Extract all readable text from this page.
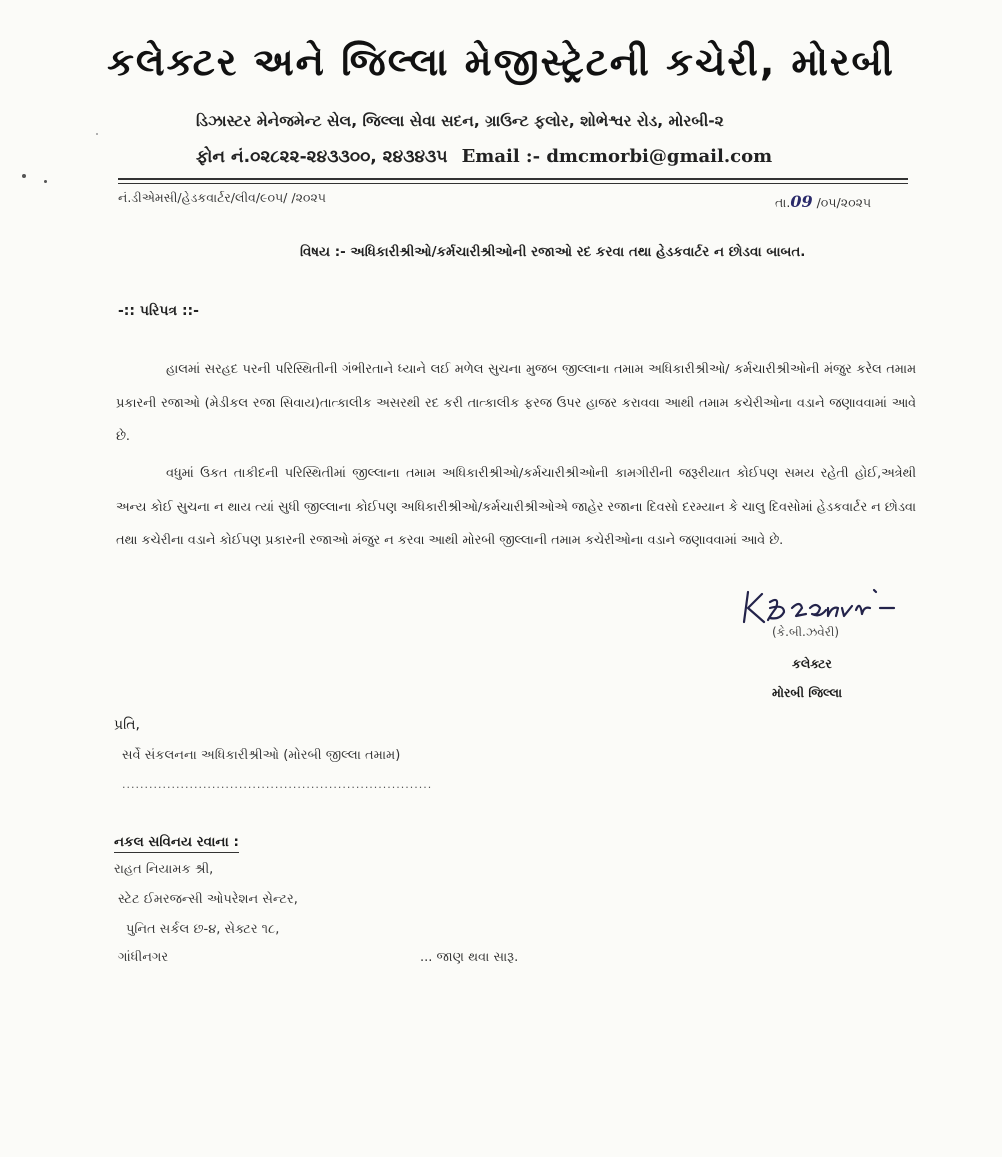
કલેક્ટર અને જિલ્લા મેજીસ્ટ્રેટની કચેરી, મોરબી
ડિઝાસ્ટર મેનેજમેન્ટ સેલ, જિલ્લા સેવા સદન, ગ્રાઉન્ટ ફલોર, શોભેશ્વર રોડ, મોરબી-૨
ફોન નં.૦૨૮૨૨-૨૪૩૩૦૦, ૨૪૩૪૩૫ Email :- dmcmorbi@gmail.com
નં.ડીએમસી/હેડકવાર્ટર/લીવ/૯૦૫/ /૨૦૨૫	તા.09 /૦૫/૨૦૨૫
વિષય :- અધિકારીશ્રીઓ/કર્મચારીશ્રીઓની રજાઓ રદ કરવા તથા હેડકવાર્ટર ન છોડવા બાબત.
-:: પરિપત્ર ::-
હાલમાં સરહદ પરની પરિસ્થિતીની ગંભીરતાને ધ્યાને લઈ મળેલ સુચના મુજબ જીલ્લાના તમામ અધિકારીશ્રીઓ/ કર્મચારીશ્રીઓની મંજુર કરેલ તમામ પ્રકારની રજાઓ (મેડીકલ રજા સિવાય)તાત્કાલીક અસરથી રદ કરી તાત્કાલીક ફરજ ઉપર હાજર કરાવવા આથી તમામ કચેરીઓના વડાને જણાવવામાં આવે છે.
વધુમાં ઉકત તાકીદની પરિસ્થિતીમાં જીલ્લાના તમામ અધિકારીશ્રીઓ/કર્મચારીશ્રીઓની કામગીરીની જરૂરીયાત કોઈપણ સમય રહેતી હોઈ,અત્રેથી અન્ય કોઈ સુચના ન થાય ત્યાં સુધી જીલ્લાના કોઈપણ અધિકારીશ્રીઓ/કર્મચારીશ્રીઓએ જાહેર રજાના દિવસો દરમ્યાન કે ચાલુ દિવસોમાં હેડકવાર્ટર ન છોડવા તથા કચેરીના વડાને કોઈપણ પ્રકારની રજાઓ મંજુર ન કરવા આથી મોરબી જીલ્લાની તમામ કચેરીઓના વડાને જણાવવામાં આવે છે.
(કે.બી.ઝવેરી)
કલેક્ટર
મોરબી જિલ્લા
પ્રતિ,
સર્વે સંકલનના અધિકારીશ્રીઓ (મોરબી જીલ્લા તમામ)
.....................................................................
નકલ સવિનય રવાના :
રાહત નિયામક શ્રી,
સ્ટેટ ઈમરજન્સી ઓપરેશન સેન્ટર,
પુનિત સર્કલ છ-૪, સેક્ટર ૧૮,
ગાંધીનગર	... જાણ થવા સારૂ.
